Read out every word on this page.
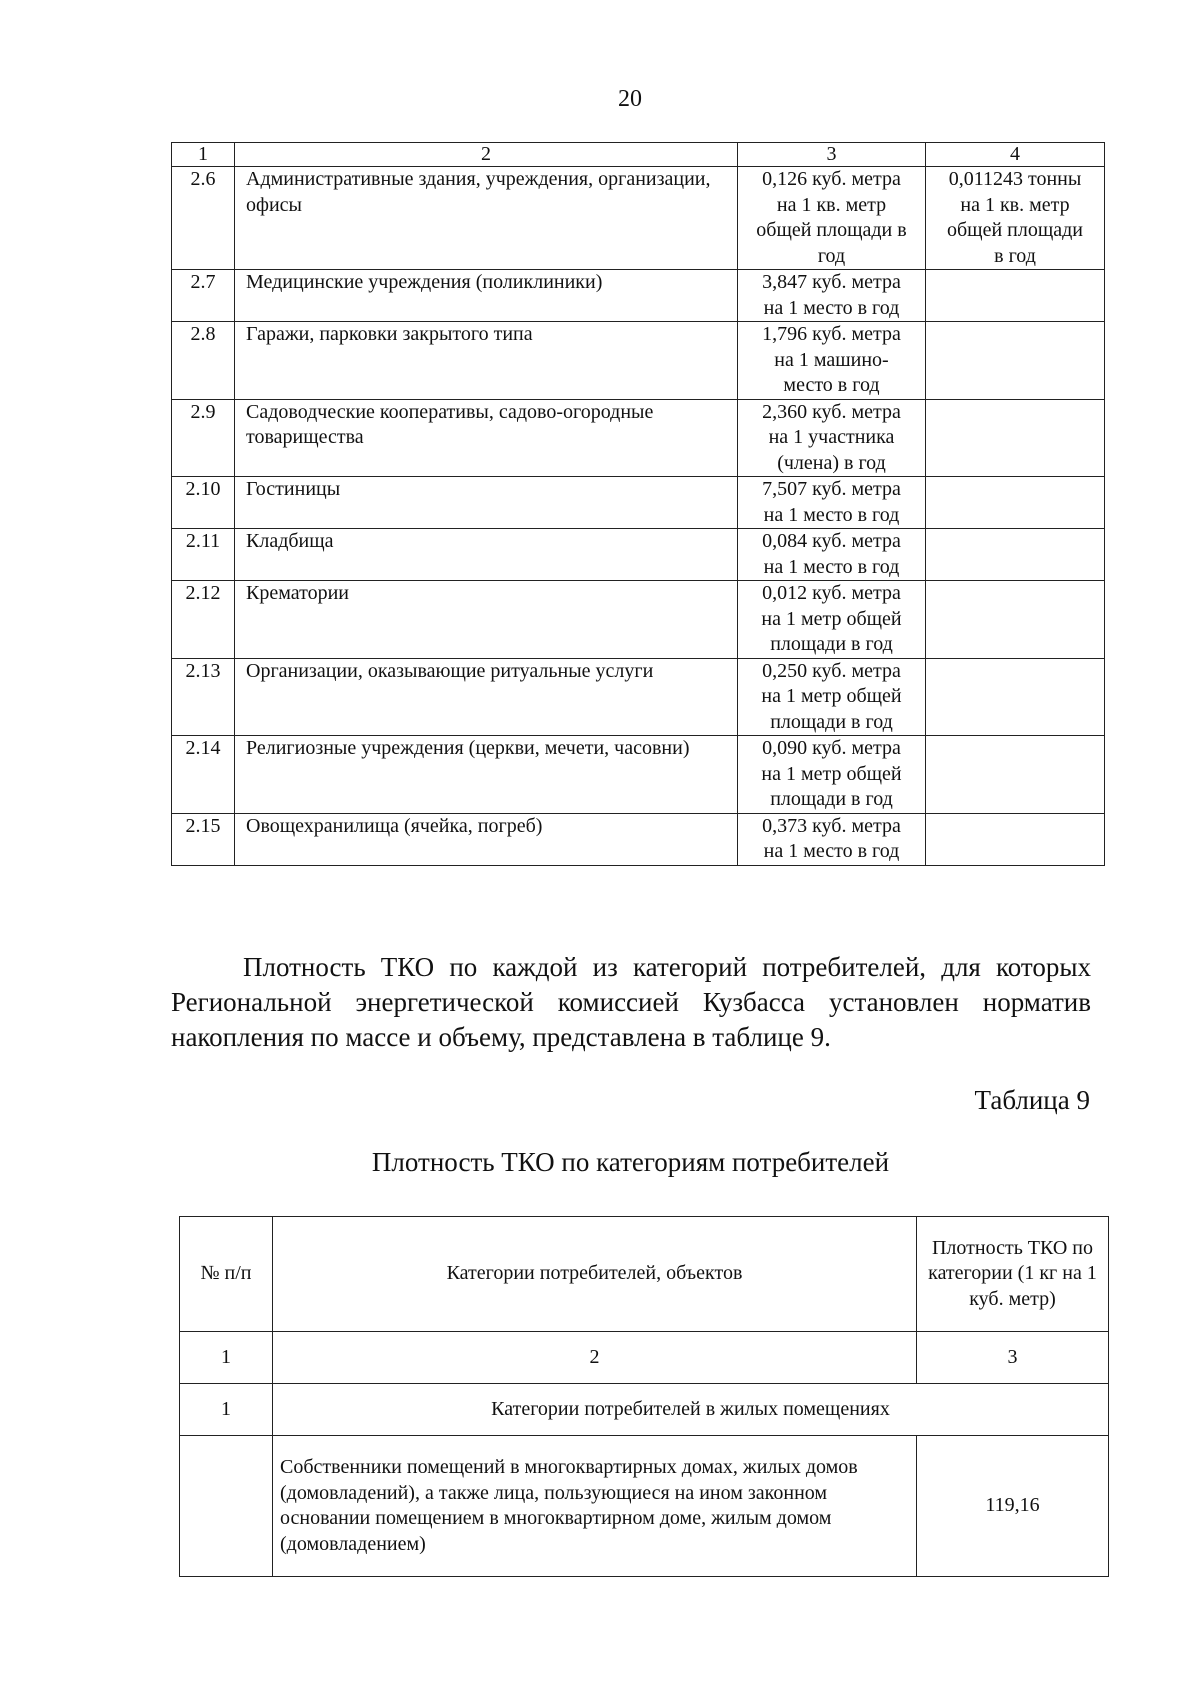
20
1	2	3	4
2.6	Административные здания, учреждения, организации, офисы	0,126 куб. метра на 1 кв. метр общей площади в год	0,011243 тонны на 1 кв. метр общей площади в год
2.7	Медицинские учреждения (поликлиники)	3,847 куб. метра на 1 место в год	
2.8	Гаражи, парковки закрытого типа	1,796 куб. метра на 1 машино-место в год	
2.9	Садоводческие кооперативы, садово-огородные товарищества	2,360 куб. метра на 1 участника (члена) в год	
2.10	Гостиницы	7,507 куб. метра на 1 место в год	
2.11	Кладбища	0,084 куб. метра на 1 место в год	
2.12	Крематории	0,012 куб. метра на 1 метр общей площади в год	
2.13	Организации, оказывающие ритуальные услуги	0,250 куб. метра на 1 метр общей площади в год	
2.14	Религиозные учреждения (церкви, мечети, часовни)	0,090 куб. метра на 1 метр общей площади в год	
2.15	Овощехранилища (ячейка, погреб)	0,373 куб. метра на 1 место в год	
Плотность ТКО по каждой из категорий потребителей, для которых Региональной энергетической комиссией Кузбасса установлен норматив накопления по массе и объему, представлена в таблице 9.
Таблица 9
Плотность ТКО по категориям потребителей
№ п/п	Категории потребителей, объектов	Плотность ТКО по категории (1 кг на 1 куб. метр)
1	2	3
1	Категории потребителей в жилых помещениях	
	Собственники помещений в многоквартирных домах, жилых домов (домовладений), а также лица, пользующиеся на ином законном основании помещением в многоквартирном доме, жилым домом (домовладением)	119,16
